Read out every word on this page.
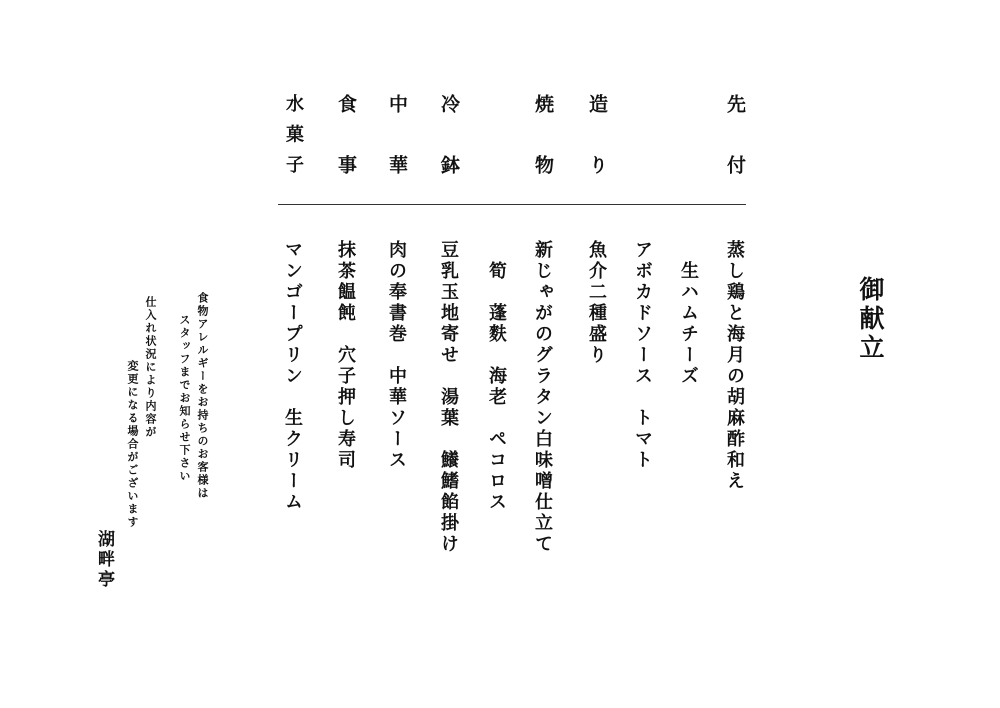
御献立
先付
造り
焼物
冷鉢
中華
食事
水菓子
蒸し鶏と海月の胡麻酢和え
　生ハムチーズ
アボカドソース　トマト
魚介二種盛り
新じゃがのグラタン白味噌仕立て
　筍　蓬麩　海老　ペコロス
豆乳玉地寄せ　湯葉　鱶鰭餡掛け
肉の奉書巻　中華ソース
抹茶饂飩　穴子押し寿司
マンゴープリン　生クリーム
食物アレルギーをお持ちのお客様は
スタッフまでお知らせ下さい
仕入れ状況により内容が
変更になる場合がございます
湖畔亭
